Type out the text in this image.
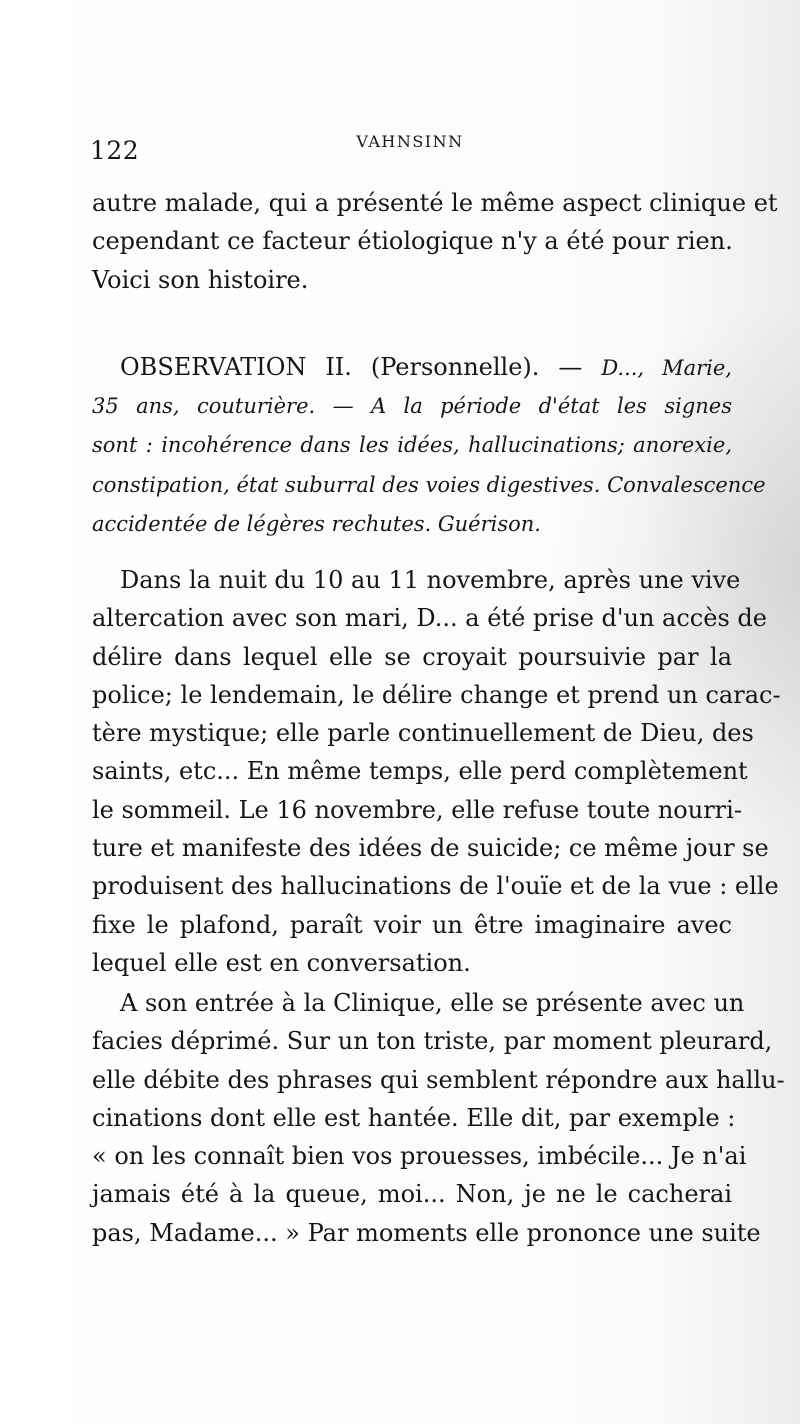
122	VAHNSINN
autre malade, qui a présenté le même aspect clinique et
cependant ce facteur étiologique n'y a été pour rien.
Voici son histoire.
OBSERVATION II. (Personnelle). — D..., Marie,
35 ans, couturière. — A la période d'état les signes
sont : incohérence dans les idées, hallucinations; anorexie,
constipation, état suburral des voies digestives. Convalescence
accidentée de légères rechutes. Guérison.
Dans la nuit du 10 au 11 novembre, après une vive
altercation avec son mari, D... a été prise d'un accès de
délire dans lequel elle se croyait poursuivie par la
police; le lendemain, le délire change et prend un carac-
tère mystique; elle parle continuellement de Dieu, des
saints, etc... En même temps, elle perd complètement
le sommeil. Le 16 novembre, elle refuse toute nourri-
ture et manifeste des idées de suicide; ce même jour se
produisent des hallucinations de l'ouïe et de la vue : elle
fixe le plafond, paraît voir un être imaginaire avec
lequel elle est en conversation.
A son entrée à la Clinique, elle se présente avec un
facies déprimé. Sur un ton triste, par moment pleurard,
elle débite des phrases qui semblent répondre aux hallu-
cinations dont elle est hantée. Elle dit, par exemple :
« on les connaît bien vos prouesses, imbécile... Je n'ai
jamais été à la queue, moi... Non, je ne le cacherai
pas, Madame... » Par moments elle prononce une suite
